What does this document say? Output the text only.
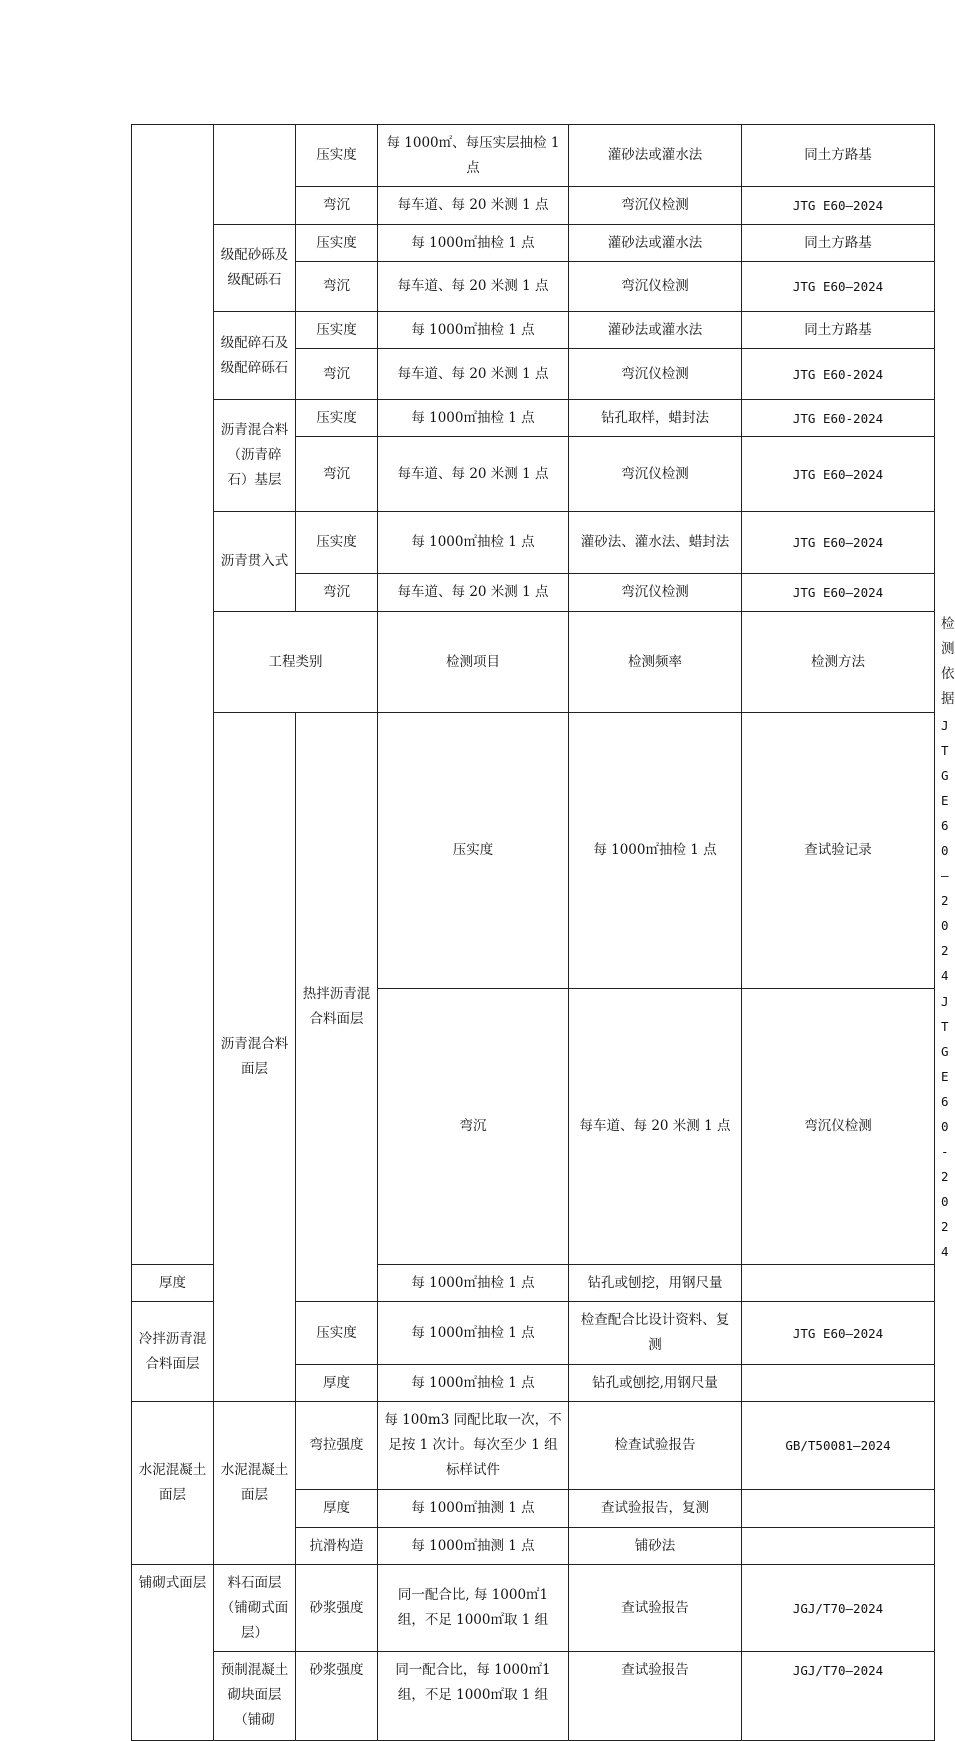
		压实度	每 1000㎡、每压实层抽检 1 点	灌砂法或灌水法	同土方路基	
		弯沉	每车道、每 20 米测 1 点	弯沉仪检测	JTG E60—2024	
	级配砂砾及级配砾石	压实度	每 1000㎡抽检 1 点	灌砂法或灌水法	同土方路基	
		弯沉	每车道、每 20 米测 1 点	弯沉仪检测	JTG E60—2024	
	级配碎石及级配碎砾石	压实度	每 1000㎡抽检 1 点	灌砂法或灌水法	同土方路基	
		弯沉	每车道、每 20 米测 1 点	弯沉仪检测	JTG E60-2024	
	沥青混合料（沥青碎石）基层	压实度	每 1000㎡抽检 1 点	钻孔取样，蜡封法	JTG E60-2024	
		弯沉	每车道、每 20 米测 1 点	弯沉仪检测	JTG E60—2024	
	沥青贯入式	压实度	每 1000㎡抽检 1 点	灌砂法、灌水法、蜡封法	JTG E60—2024	
		弯沉	每车道、每 20 米测 1 点	弯沉仪检测	JTG E60—2024	
	工程类别		检测项目	检测频率	检测方法	检测依据
	沥青混合料面层	热拌沥青混合料面层	压实度	每 1000㎡抽检 1 点	查试验记录	JTG E60—2024
			弯沉	每车道、每 20 米测 1 点	弯沉仪检测	JTG E60-2024
厚度			每 1000㎡抽检 1 点	钻孔或刨挖，用钢尺量		
冷拌沥青混合料面层		压实度	每 1000㎡抽检 1 点	检查配合比设计资料、复测	JTG E60—2024	
		厚度	每 1000㎡抽检 1 点	钻孔或刨挖,用钢尺量		
水泥混凝土面层	水泥混凝土面层	弯拉强度	每 100m3 同配比取一次，不足按 1 次计。每次至少 1 组标样试件	检查试验报告	GB/T50081—2024	
		厚度	每 1000㎡抽测 1 点	查试验报告，复测		
		抗滑构造	每 1000㎡抽测 1 点	铺砂法		
铺砌式面层	料石面层（铺砌式面层）	砂浆强度	同一配合比, 每 1000㎡1 组，不足 1000㎡取 1 组	查试验报告	JGJ/T70—2024	
	预制混凝土砌块面层（铺砌	砂浆强度	同一配合比，每 1000㎡1 组，不足 1000㎡取 1 组	查试验报告	JGJ/T70—2024	
